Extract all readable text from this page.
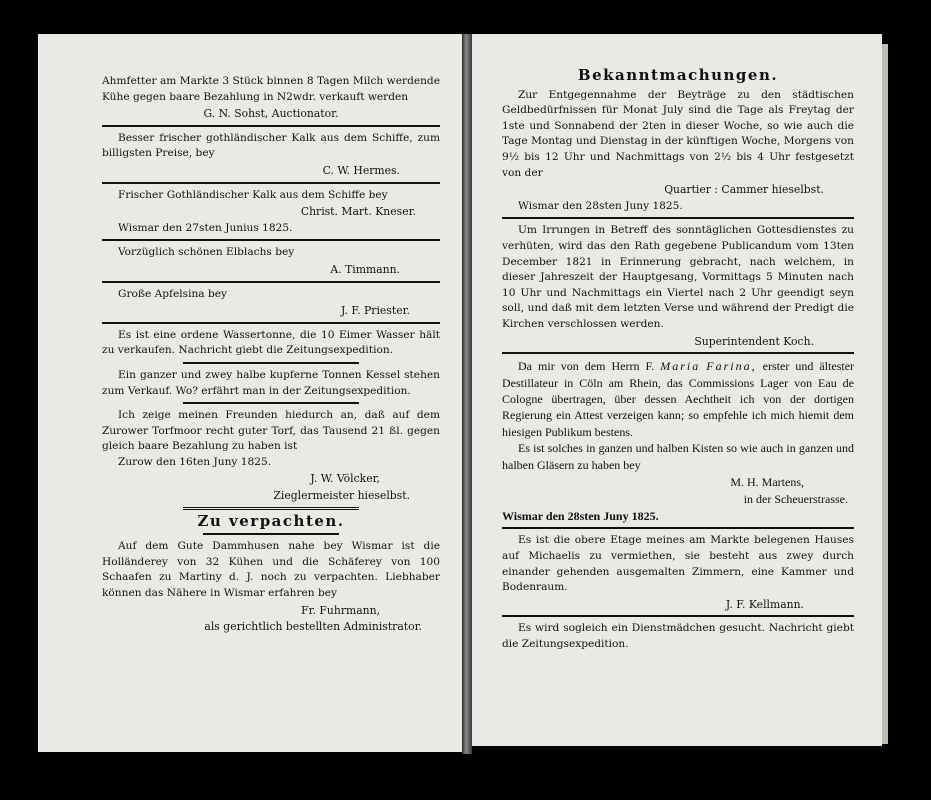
Ahmfetter am Markte 3 Stück binnen 8 Tagen Milch werdende Kühe gegen baare Bezahlung in N2wdr. verkauft werden

G. N. Sohst, Auctionator.

Besser frischer gothländischer Kalk aus dem Schiffe, zum billigsten Preise, bey

C. W. Hermes.

Frischer Gothländischer Kalk aus dem Schiffe bey

Christ. Mart. Kneser.

Wismar den 27sten Junius 1825.

Vorzüglich schönen Elblachs bey

A. Timmann.

Große Apfelsina bey

J. F. Priester.

Es ist eine ordene Wassertonne, die 10 Eimer Wasser hält zu verkaufen. Nachricht giebt die Zeitungsexpedition.

Ein ganzer und zwey halbe kupferne Tonnen Kessel stehen zum Verkauf. Wo? erfährt man in der Zeitungsexpedition.

Ich zeige meinen Freunden hiedurch an, daß auf dem Zurower Torfmoor recht guter Torf, das Tausend 21 ßl. gegen gleich baare Bezahlung zu haben ist

Zurow den 16ten Juny 1825.

J. W. Völcker,
Zieglermeister hieselbst.
Zu verpachten.

Auf dem Gute Dammhusen nahe bey Wismar ist die Holländerey von 32 Kühen und die Schäferey von 100 Schaafen zu Martiny d. J. noch zu verpachten. Liebhaber können das Nähere in Wismar erfahren bey

Fr. Fuhrmann,
als gerichtlich bestellten Administrator.
Bekanntmachungen.

Zur Entgegennahme der Beyträge zu den städtischen Geldbedürfnissen für Monat July sind die Tage als Freytag der 1ste und Sonnabend der 2ten in dieser Woche, so wie auch die Tage Montag und Dienstag in der künftigen Woche, Morgens von 9½ bis 12 Uhr und Nachmittags von 2½ bis 4 Uhr festgesetzt von der

Quartier : Cammer hieselbst.

Wismar den 28sten Juny 1825.

Um Irrungen in Betreff des sonntäglichen Gottesdienstes zu verhüten, wird das den Rath gegebene Publicandum vom 13ten December 1821 in Erinnerung gebracht, nach welchem, in dieser Jahreszeit der Hauptgesang, Vormittags 5 Minuten nach 10 Uhr und Nachmittags ein Viertel nach 2 Uhr geendigt seyn soll, und daß mit dem letzten Verse und während der Predigt die Kirchen verschlossen werden.

Superintendent Koch.

Da mir von dem Herrn F. Maria Farina, erster und ältester Destillateur in Cöln am Rhein, das Commissions Lager von Eau de Cologne übertragen, über dessen Aechtheit ich von der dortigen Regierung ein Attest verzeigen kann; so empfehle ich mich hiemit dem hiesigen Publikum bestens.

Es ist solches in ganzen und halben Kisten so wie auch in ganzen und halben Gläsern zu haben bey

M. H. Martens,
in der Scheuerstrasse.

Wismar den 28sten Juny 1825.

Es ist die obere Etage meines am Markte belegenen Hauses auf Michaelis zu vermiethen, sie besteht aus zwey durch einander gehenden ausgemalten Zimmern, eine Kammer und Bodenraum.

J. F. Kellmann.

Es wird sogleich ein Dienstmädchen gesucht. Nachricht giebt die Zeitungsexpedition.
